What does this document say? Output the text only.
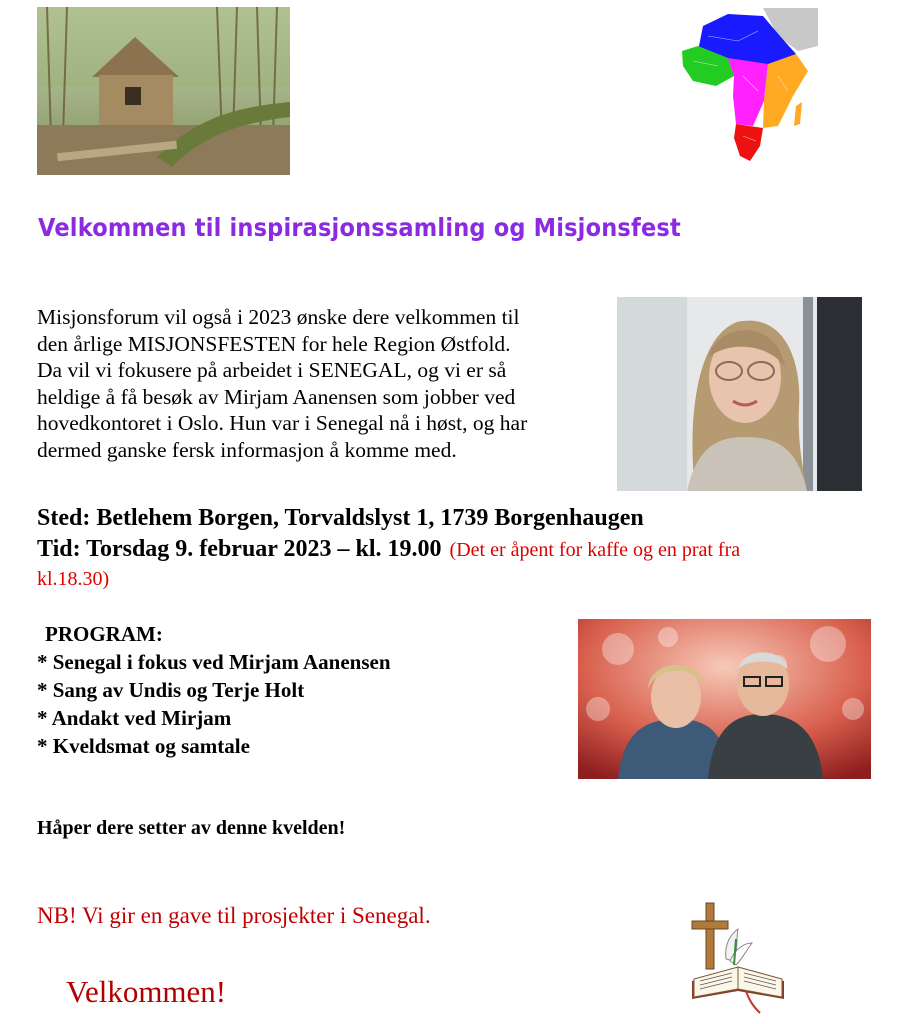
Velkommen til inspirasjonssamling og Misjonsfest
Misjonsforum vil også i 2023 ønske dere velkommen til
den årlige MISJONSFESTEN for hele Region Østfold.
Da vil vi fokusere på arbeidet i SENEGAL, og vi er så
heldige å få besøk av Mirjam Aanensen som jobber ved
hovedkontoret i Oslo. Hun var i Senegal nå i høst, og har
dermed ganske fersk informasjon å komme med.
Sted: Betlehem Borgen, Torvaldslyst 1, 1739 Borgenhaugen
Tid: Torsdag 9. februar 2023 – kl. 19.00 (Det er åpent for kaffe og en prat fra
kl.18.30)
PROGRAM:
* Senegal i fokus ved Mirjam Aanensen
* Sang av Undis og Terje Holt
* Andakt ved Mirjam
* Kveldsmat og samtale
Håper dere setter av denne kvelden!
NB! Vi gir en gave til prosjekter i Senegal.
Velkommen!
